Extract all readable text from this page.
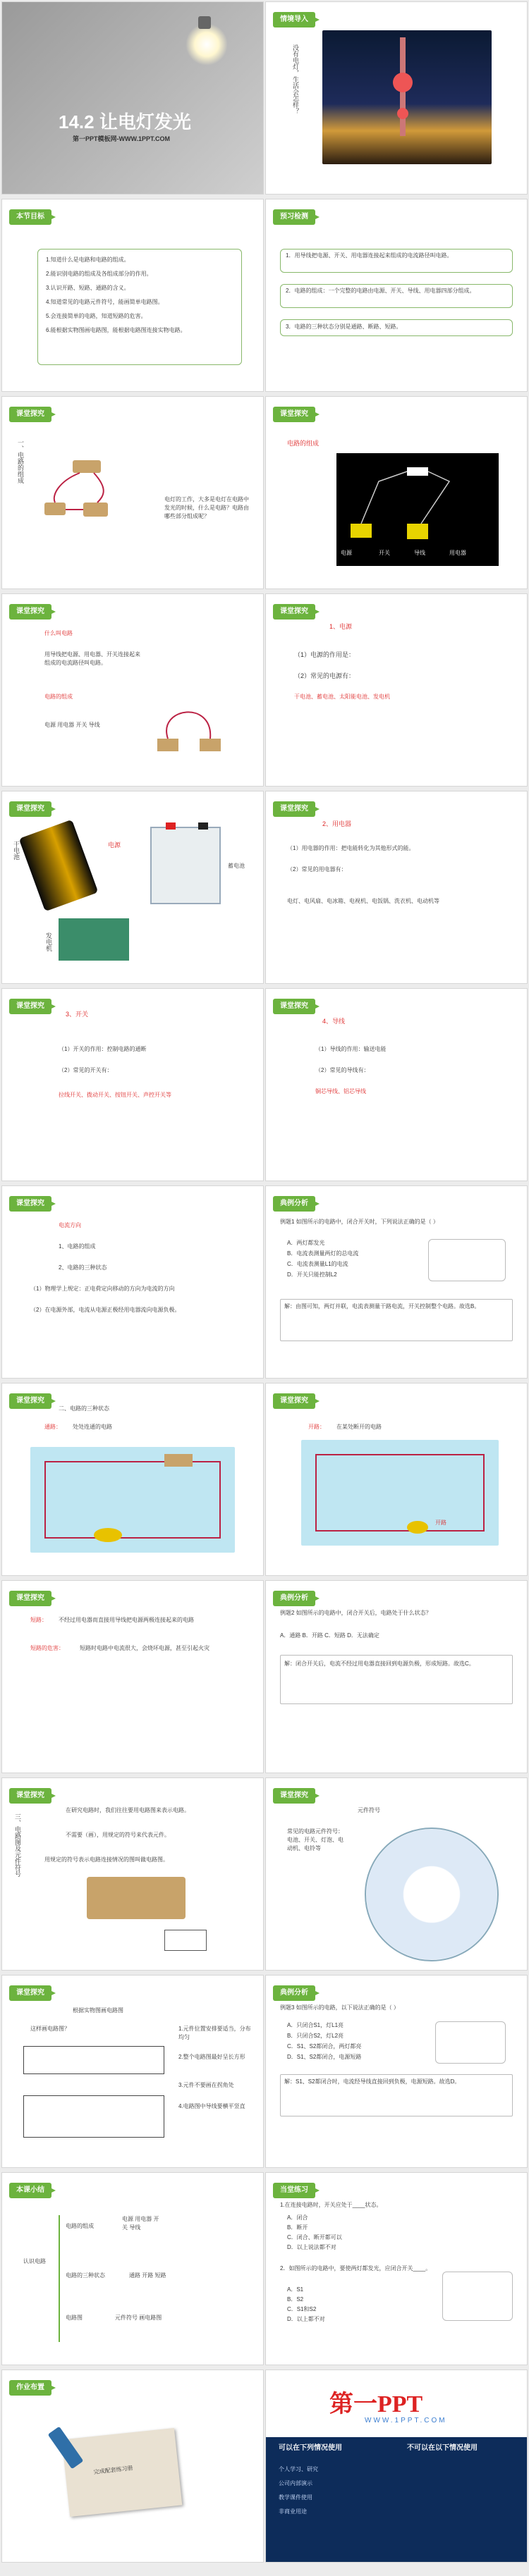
14.2 让电灯发光
第一PPT模板网-WWW.1PPT.COM
情境导入
没有电灯，生活会怎样？
本节目标
1.知道什么是电路和电路的组成。
2.能识别电路的组成及各组成部分的作用。
3.认识开路、短路、通路的含义。
4.知道常见的电路元件符号，能画简单电路图。
5.会连接简单的电路，知道短路的危害。
6.能根据实物图画电路图，能根据电路图连接实物电路。
预习检测
1．用导线把电源、开关、用电器连接起来组成的电流路径叫电路。
2．电路的组成：一个完整的电路由电源、开关、导线、用电器四部分组成。
3．电路的三种状态分别是通路、断路、短路。
课堂探究
一、电路的组成
电灯的工作，大多是电灯在电路中发光的时候，什么是电路？电路由哪些部分组成呢？
课堂探究
电路的组成
电源	开关	导线	用电器
课堂探究
什么叫电路
用导线把电源、用电器、开关连接起来组成的电流路径叫电路。
电路的组成
电源 用电器 开关 导线
课堂探究
1、电源
（1）电源的作用是：
（2）常见的电源有：
干电池、蓄电池、太阳能电池、发电机
课堂探究
干电池	电源
蓄电池
发电机
课堂探究
2、用电器
（1）用电器的作用：把电能转化为其他形式的能。
（2）常见的用电器有：
电灯、电风扇、电冰箱、电视机、电饭锅、洗衣机、电动机等
课堂探究
3、开关
（1）开关的作用：控制电路的通断
（2）常见的开关有：
拉线开关、拨动开关、按钮开关、声控开关等
课堂探究
4、导线
（1）导线的作用：输送电能
（2）常见的导线有：
铜芯导线、铝芯导线
课堂探究
电流方向
1、电路的组成
2、电路的三种状态
（1）物理学上规定：正电荷定向移动的方向为电流的方向
（2）在电源外部，电流从电源正极经用电器流向电源负极。
典例分析
例题1 如图所示的电路中，闭合开关时，下列说法正确的是（ ）
A．两灯都发光
B．电流表测量两灯的总电流
C．电流表测量L1的电流
D．开关只能控制L2
解：由图可知，两灯并联，电流表测量干路电流，开关控制整个电路。故选B。
课堂探究
二、电路的三种状态
通路： 处处连通的电路
课堂探究
开路： 在某处断开的电路
开路
课堂探究
短路： 不经过用电器而直接用导线把电源两极连接起来的电路
短路的危害：	短路时电路中电流很大，会烧坏电源，甚至引起火灾
典例分析
例题2 如图所示的电路中，闭合开关后，电路处于什么状态？
A．通路 B．开路 C．短路 D．无法确定
解：闭合开关后，电流不经过用电器直接回到电源负极，形成短路。故选C。
课堂探究
三、电路图及元件符号
在研究电路时，我们往往要用电路图来表示电路。
不需要（画），用规定的符号来代表元件。
用规定的符号表示电路连接情况的图叫做电路图。
课堂探究
元件符号
常见的电路元件符号：电池、开关、灯泡、电动机、电铃等
课堂探究
根据实物图画电路图
这样画电路图？	1.元件位置安排要适当，分布均匀
2.整个电路图最好呈长方形
3.元件不要画在拐角处
4.电路图中导线要横平竖直
典例分析
例题3 如图所示的电路，以下说法正确的是（ ）
A．只闭合S1，灯L1亮
B．只闭合S2，灯L2亮
C．S1、S2都闭合，两灯都亮
D．S1、S2都闭合，电源短路
解：S1、S2都闭合时，电流经导线直接回到负极，电源短路。故选D。
本课小结
认识电路
电路的组成
电源 用电器 开关 导线
电路的三种状态	通路 开路 短路
电路图	元件符号 画电路图
当堂练习
1.在连接电路时，开关应处于____状态。
A．闭合
B．断开
C．闭合、断开都可以
D．以上说法都不对
2．如图所示的电路中，要使两灯都发光，应闭合开关____。
A．S1
B．S2
C．S1和S2
D．以上都不对
作业布置
完成配套练习册
第一PPT
WWW.1PPT.COM
可以在下列情况使用	不可以在以下情况使用
个人学习、研究
公司内部演示
教学课件使用
非商业用途
